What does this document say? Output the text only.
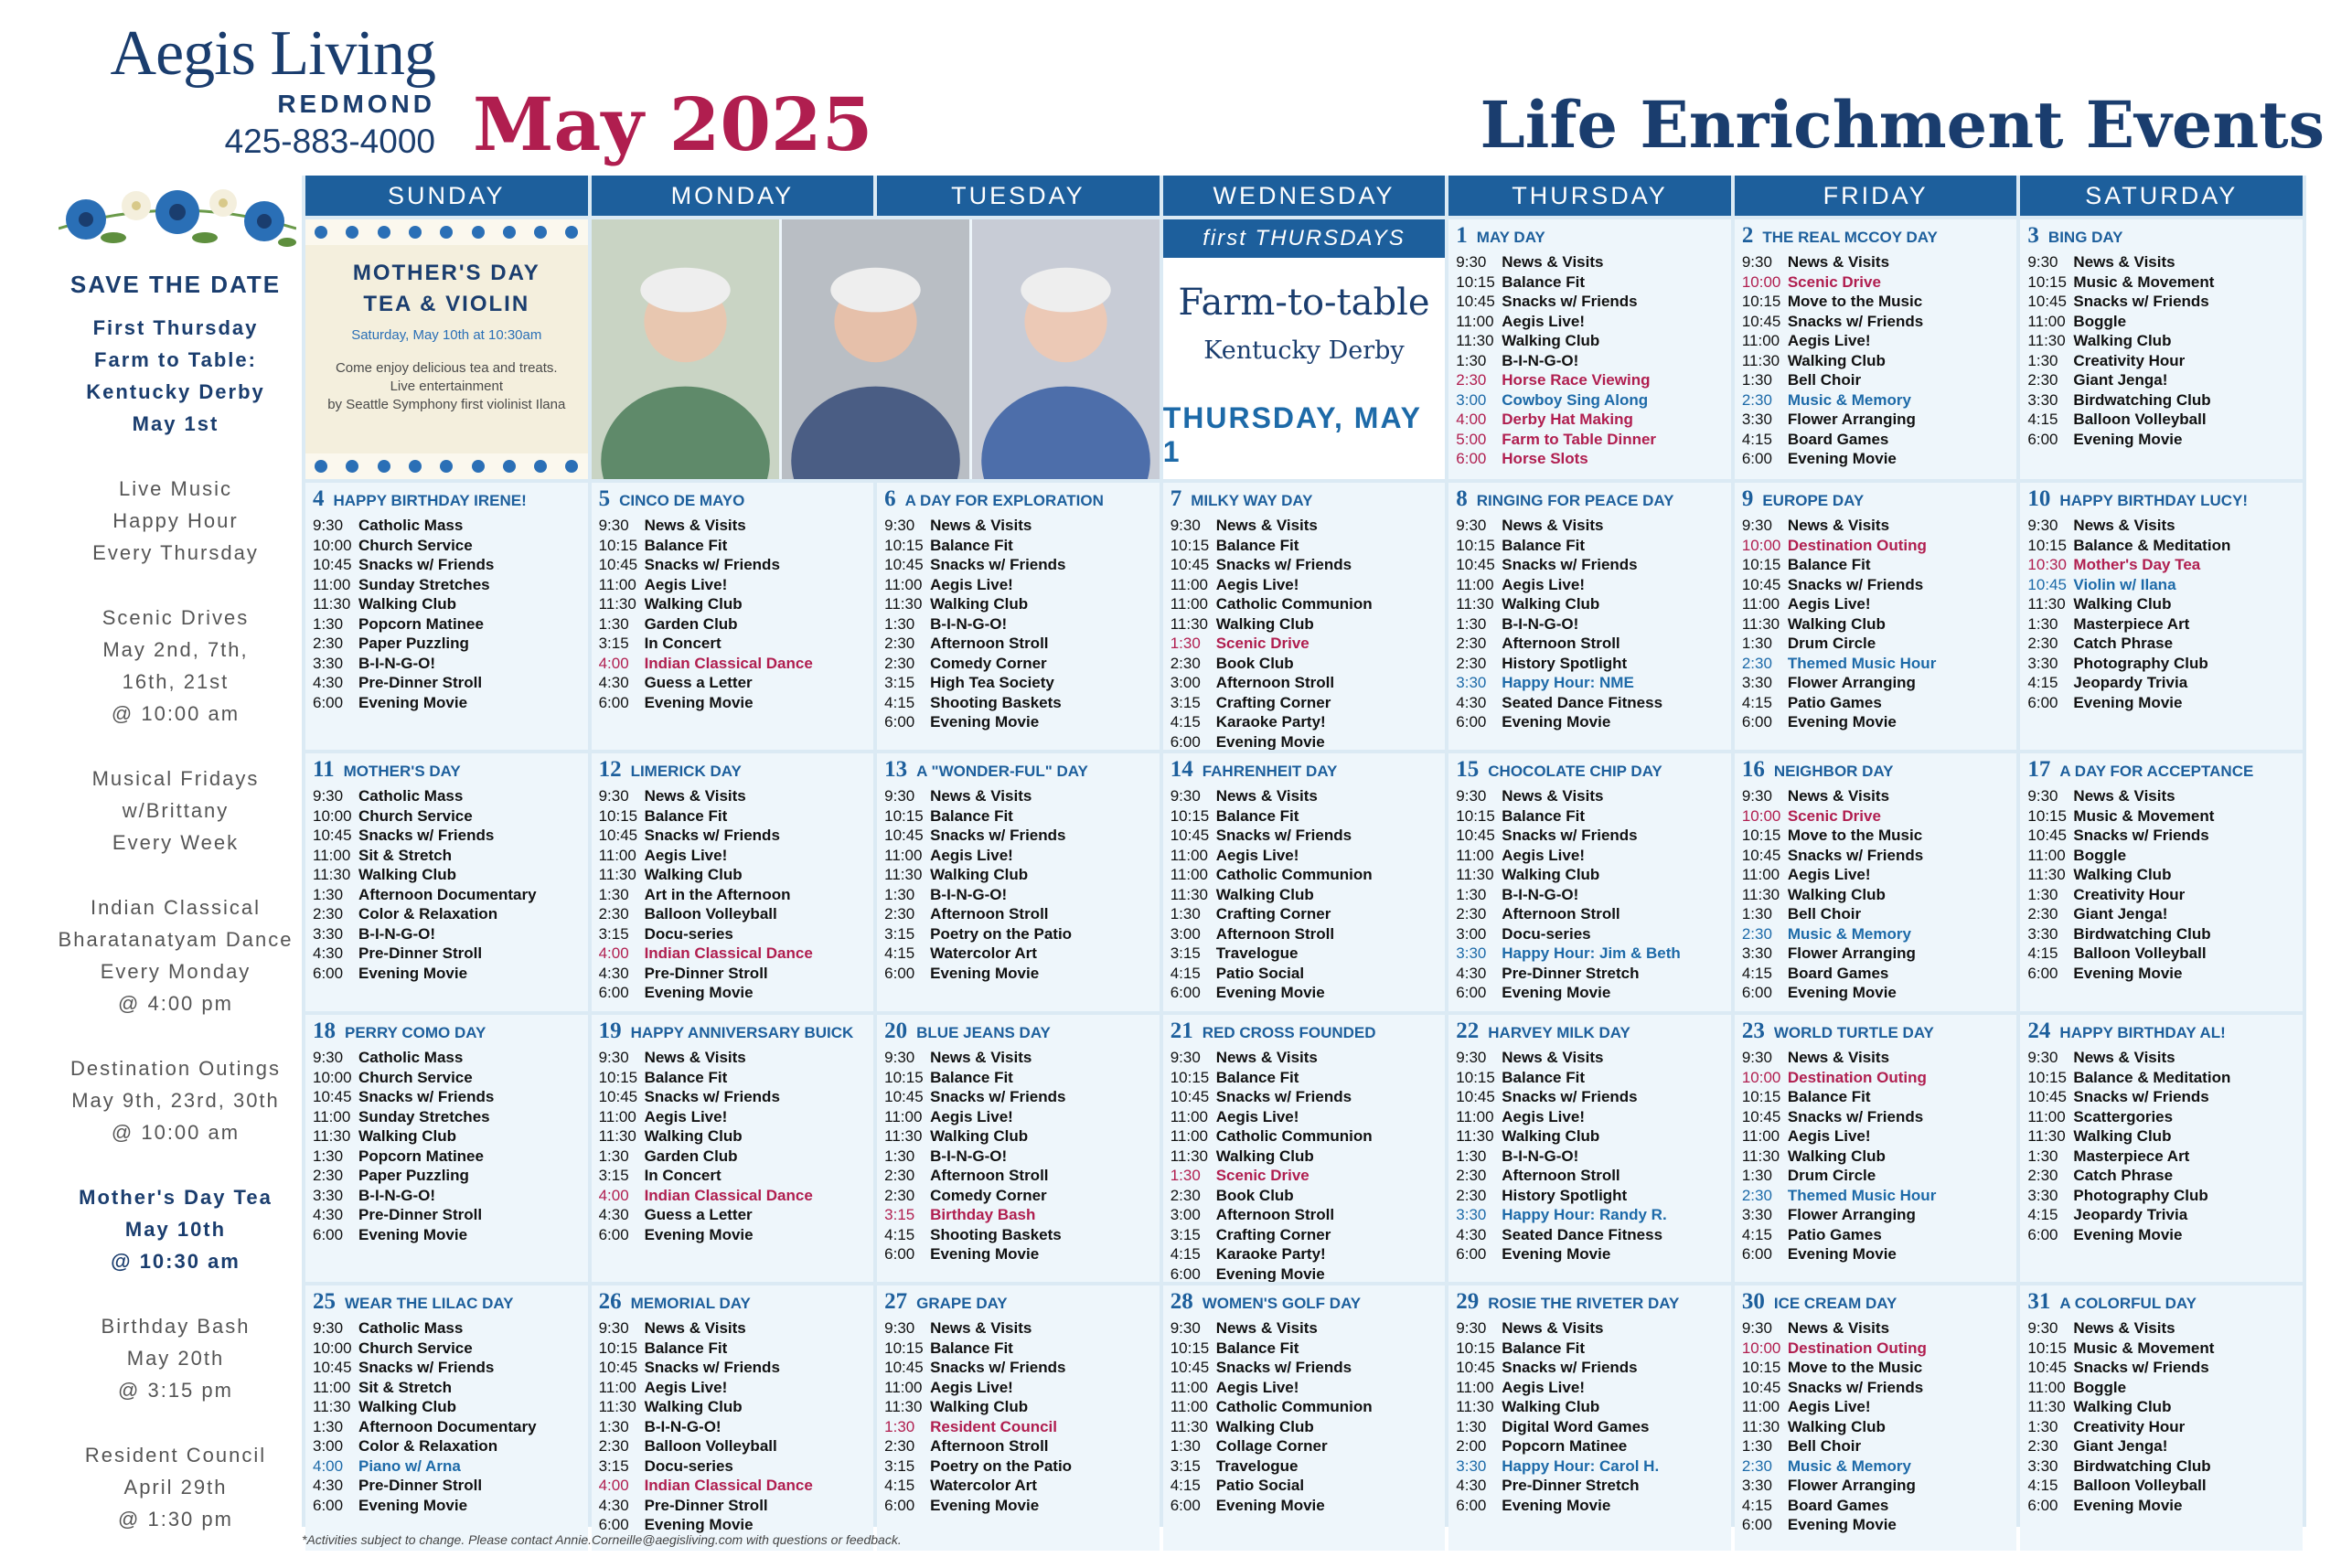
Aegis Living
REDMOND
425-883-4000 May 2025	Life Enrichment Events
SAVE THE DATE
First Thursday
Farm to Table:
Kentucky Derby
May 1st
Live Music
Happy Hour
Every Thursday
Scenic Drives
May 2nd, 7th,
16th, 21st
@ 10:00 am
Musical Fridays
w/Brittany
Every Week
Indian Classical
Bharatanatyam Dance
Every Monday
@ 4:00 pm
Destination Outings
May 9th, 23rd, 30th
@ 10:00 am
Mother's Day Tea
May 10th
@ 10:30 am
Birthday Bash
May 20th
@ 3:15 pm
Resident Council
April 29th
@ 1:30 pm
SUNDAY	MONDAY	TUESDAY	WEDNESDAY	THURSDAY	FRIDAY	SATURDAY
MOTHER'S DAY
TEA & VIOLIN
Saturday, May 10th at 10:30am
Come enjoy delicious tea and treats.
Live entertainment
by Seattle Symphony first violinist Ilana
first THURSDAYS
Farm-to-table
Kentucky Derby
THURSDAY, MAY 1
1 MAY DAY
9:30 News & Visits
10:15 Balance Fit
10:45 Snacks w/ Friends
11:00 Aegis Live!
11:30 Walking Club
1:30 B-I-N-G-O!
2:30 Horse Race Viewing
3:00 Cowboy Sing Along
4:00 Derby Hat Making
5:00 Farm to Table Dinner
6:00 Horse Slots
2 THE REAL MCCOY DAY
9:30 News & Visits
10:00 Scenic Drive
10:15 Move to the Music
10:45 Snacks w/ Friends
11:00 Aegis Live!
11:30 Walking Club
1:30 Bell Choir
2:30 Music & Memory
3:30 Flower Arranging
4:15 Board Games
6:00 Evening Movie
3 BING DAY
9:30 News & Visits
10:15 Music & Movement
10:45 Snacks w/ Friends
11:00 Boggle
11:30 Walking Club
1:30 Creativity Hour
2:30 Giant Jenga!
3:30 Birdwatching Club
4:15 Balloon Volleyball
6:00 Evening Movie
4 HAPPY BIRTHDAY IRENE!
9:30 Catholic Mass
10:00 Church Service
10:45 Snacks w/ Friends
11:00 Sunday Stretches
11:30 Walking Club
1:30 Popcorn Matinee
2:30 Paper Puzzling
3:30 B-I-N-G-O!
4:30 Pre-Dinner Stroll
6:00 Evening Movie
5 CINCO DE MAYO
9:30 News & Visits
10:15 Balance Fit
10:45 Snacks w/ Friends
11:00 Aegis Live!
11:30 Walking Club
1:30 Garden Club
3:15 In Concert
4:00 Indian Classical Dance
4:30 Guess a Letter
6:00 Evening Movie
6 A DAY FOR EXPLORATION
9:30 News & Visits
10:15 Balance Fit
10:45 Snacks w/ Friends
11:00 Aegis Live!
11:30 Walking Club
1:30 B-I-N-G-O!
2:30 Afternoon Stroll
2:30 Comedy Corner
3:15 High Tea Society
4:15 Shooting Baskets
6:00 Evening Movie
7 MILKY WAY DAY
9:30 News & Visits
10:15 Balance Fit
10:45 Snacks w/ Friends
11:00 Aegis Live!
11:00 Catholic Communion
11:30 Walking Club
1:30 Scenic Drive
2:30 Book Club
3:00 Afternoon Stroll
3:15 Crafting Corner
4:15 Karaoke Party!
6:00 Evening Movie
8 RINGING FOR PEACE DAY
9:30 News & Visits
10:15 Balance Fit
10:45 Snacks w/ Friends
11:00 Aegis Live!
11:30 Walking Club
1:30 B-I-N-G-O!
2:30 Afternoon Stroll
2:30 History Spotlight
3:30 Happy Hour: NME
4:30 Seated Dance Fitness
6:00 Evening Movie
9 EUROPE DAY
9:30 News & Visits
10:00 Destination Outing
10:15 Balance Fit
10:45 Snacks w/ Friends
11:00 Aegis Live!
11:30 Walking Club
1:30 Drum Circle
2:30 Themed Music Hour
3:30 Flower Arranging
4:15 Patio Games
6:00 Evening Movie
10 HAPPY BIRTHDAY LUCY!
9:30 News & Visits
10:15 Balance & Meditation
10:30 Mother's Day Tea
10:45 Violin w/ Ilana
11:30 Walking Club
1:30 Masterpiece Art
2:30 Catch Phrase
3:30 Photography Club
4:15 Jeopardy Trivia
6:00 Evening Movie
11 MOTHER'S DAY
9:30 Catholic Mass
10:00 Church Service
10:45 Snacks w/ Friends
11:00 Sit & Stretch
11:30 Walking Club
1:30 Afternoon Documentary
2:30 Color & Relaxation
3:30 B-I-N-G-O!
4:30 Pre-Dinner Stroll
6:00 Evening Movie
12 LIMERICK DAY
9:30 News & Visits
10:15 Balance Fit
10:45 Snacks w/ Friends
11:00 Aegis Live!
11:30 Walking Club
1:30 Art in the Afternoon
2:30 Balloon Volleyball
3:15 Docu-series
4:00 Indian Classical Dance
4:30 Pre-Dinner Stroll
6:00 Evening Movie
13 A "WONDER-FUL" DAY
9:30 News & Visits
10:15 Balance Fit
10:45 Snacks w/ Friends
11:00 Aegis Live!
11:30 Walking Club
1:30 B-I-N-G-O!
2:30 Afternoon Stroll
3:15 Poetry on the Patio
4:15 Watercolor Art
6:00 Evening Movie
14 FAHRENHEIT DAY
9:30 News & Visits
10:15 Balance Fit
10:45 Snacks w/ Friends
11:00 Aegis Live!
11:00 Catholic Communion
11:30 Walking Club
1:30 Crafting Corner
3:00 Afternoon Stroll
3:15 Travelogue
4:15 Patio Social
6:00 Evening Movie
15 CHOCOLATE CHIP DAY
9:30 News & Visits
10:15 Balance Fit
10:45 Snacks w/ Friends
11:00 Aegis Live!
11:30 Walking Club
1:30 B-I-N-G-O!
2:30 Afternoon Stroll
3:00 Docu-series
3:30 Happy Hour: Jim & Beth
4:30 Pre-Dinner Stretch
6:00 Evening Movie
16 NEIGHBOR DAY
9:30 News & Visits
10:00 Scenic Drive
10:15 Move to the Music
10:45 Snacks w/ Friends
11:00 Aegis Live!
11:30 Walking Club
1:30 Bell Choir
2:30 Music & Memory
3:30 Flower Arranging
4:15 Board Games
6:00 Evening Movie
17 A DAY FOR ACCEPTANCE
9:30 News & Visits
10:15 Music & Movement
10:45 Snacks w/ Friends
11:00 Boggle
11:30 Walking Club
1:30 Creativity Hour
2:30 Giant Jenga!
3:30 Birdwatching Club
4:15 Balloon Volleyball
6:00 Evening Movie
18 PERRY COMO DAY
9:30 Catholic Mass
10:00 Church Service
10:45 Snacks w/ Friends
11:00 Sunday Stretches
11:30 Walking Club
1:30 Popcorn Matinee
2:30 Paper Puzzling
3:30 B-I-N-G-O!
4:30 Pre-Dinner Stroll
6:00 Evening Movie
19 HAPPY ANNIVERSARY BUICK
9:30 News & Visits
10:15 Balance Fit
10:45 Snacks w/ Friends
11:00 Aegis Live!
11:30 Walking Club
1:30 Garden Club
3:15 In Concert
4:00 Indian Classical Dance
4:30 Guess a Letter
6:00 Evening Movie
20 BLUE JEANS DAY
9:30 News & Visits
10:15 Balance Fit
10:45 Snacks w/ Friends
11:00 Aegis Live!
11:30 Walking Club
1:30 B-I-N-G-O!
2:30 Afternoon Stroll
2:30 Comedy Corner
3:15 Birthday Bash
4:15 Shooting Baskets
6:00 Evening Movie
21 RED CROSS FOUNDED
9:30 News & Visits
10:15 Balance Fit
10:45 Snacks w/ Friends
11:00 Aegis Live!
11:00 Catholic Communion
11:30 Walking Club
1:30 Scenic Drive
2:30 Book Club
3:00 Afternoon Stroll
3:15 Crafting Corner
4:15 Karaoke Party!
6:00 Evening Movie
22 HARVEY MILK DAY
9:30 News & Visits
10:15 Balance Fit
10:45 Snacks w/ Friends
11:00 Aegis Live!
11:30 Walking Club
1:30 B-I-N-G-O!
2:30 Afternoon Stroll
2:30 History Spotlight
3:30 Happy Hour: Randy R.
4:30 Seated Dance Fitness
6:00 Evening Movie
23 WORLD TURTLE DAY
9:30 News & Visits
10:00 Destination Outing
10:15 Balance Fit
10:45 Snacks w/ Friends
11:00 Aegis Live!
11:30 Walking Club
1:30 Drum Circle
2:30 Themed Music Hour
3:30 Flower Arranging
4:15 Patio Games
6:00 Evening Movie
24 HAPPY BIRTHDAY AL!
9:30 News & Visits
10:15 Balance & Meditation
10:45 Snacks w/ Friends
11:00 Scattergories
11:30 Walking Club
1:30 Masterpiece Art
2:30 Catch Phrase
3:30 Photography Club
4:15 Jeopardy Trivia
6:00 Evening Movie
25 WEAR THE LILAC DAY
9:30 Catholic Mass
10:00 Church Service
10:45 Snacks w/ Friends
11:00 Sit & Stretch
11:30 Walking Club
1:30 Afternoon Documentary
3:00 Color & Relaxation
4:00 Piano w/ Arna
4:30 Pre-Dinner Stroll
6:00 Evening Movie
26 MEMORIAL DAY
9:30 News & Visits
10:15 Balance Fit
10:45 Snacks w/ Friends
11:00 Aegis Live!
11:30 Walking Club
1:30 B-I-N-G-O!
2:30 Balloon Volleyball
3:15 Docu-series
4:00 Indian Classical Dance
4:30 Pre-Dinner Stroll
6:00 Evening Movie
27 GRAPE DAY
9:30 News & Visits
10:15 Balance Fit
10:45 Snacks w/ Friends
11:00 Aegis Live!
11:30 Walking Club
1:30 Resident Council
2:30 Afternoon Stroll
3:15 Poetry on the Patio
4:15 Watercolor Art
6:00 Evening Movie
28 WOMEN'S GOLF DAY
9:30 News & Visits
10:15 Balance Fit
10:45 Snacks w/ Friends
11:00 Aegis Live!
11:00 Catholic Communion
11:30 Walking Club
1:30 Collage Corner
3:15 Travelogue
4:15 Patio Social
6:00 Evening Movie
29 ROSIE THE RIVETER DAY
9:30 News & Visits
10:15 Balance Fit
10:45 Snacks w/ Friends
11:00 Aegis Live!
11:30 Walking Club
1:30 Digital Word Games
2:00 Popcorn Matinee
3:30 Happy Hour: Carol H.
4:30 Pre-Dinner Stretch
6:00 Evening Movie
30 ICE CREAM DAY
9:30 News & Visits
10:00 Destination Outing
10:15 Move to the Music
10:45 Snacks w/ Friends
11:00 Aegis Live!
11:30 Walking Club
1:30 Bell Choir
2:30 Music & Memory
3:30 Flower Arranging
4:15 Board Games
6:00 Evening Movie
31 A COLORFUL DAY
9:30 News & Visits
10:15 Music & Movement
10:45 Snacks w/ Friends
11:00 Boggle
11:30 Walking Club
1:30 Creativity Hour
2:30 Giant Jenga!
3:30 Birdwatching Club
4:15 Balloon Volleyball
6:00 Evening Movie
*Activities subject to change. Please contact Annie.Corneille@aegisliving.com with questions or feedback.
